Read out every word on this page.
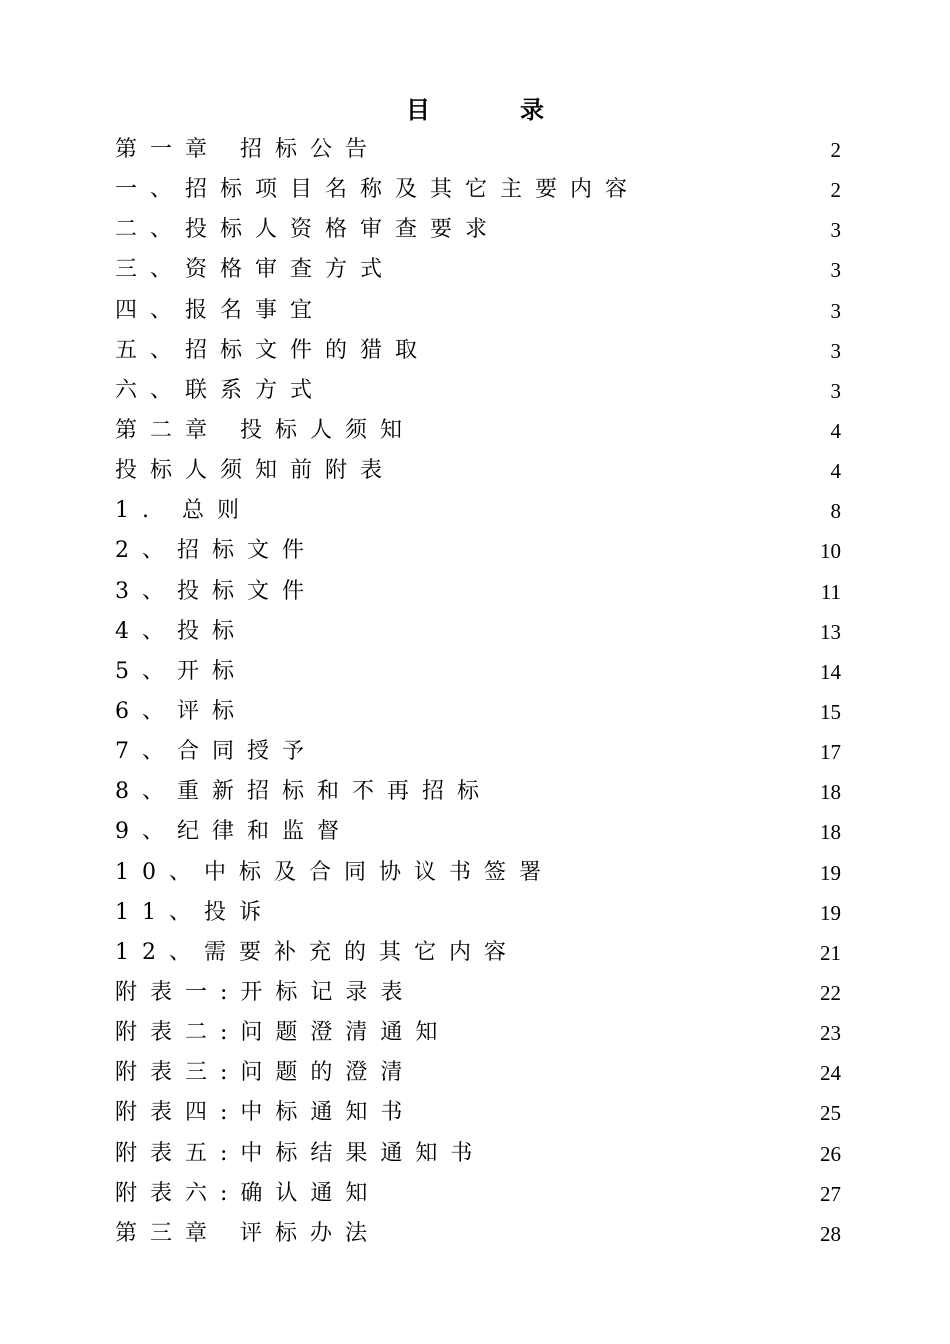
目录
第一章 招标公告	2
一、招标项目名称及其它主要内容	2
二、投标人资格审查要求	3
三、资格审查方式	3
四、报名事宜	3
五、招标文件的猎取	3
六、联系方式	3
第二章 投标人须知	4
投标人须知前附表	4
1. 总则	8
2、招标文件	10
3、投标文件	11
4、投标	13
5、开标	14
6、评标	15
7、合同授予	17
8、重新招标和不再招标	18
9、纪律和监督	18
10、中标及合同协议书签署	19
11、投诉	19
12、需要补充的其它内容	21
附表一:开标记录表	22
附表二:问题澄清通知	23
附表三:问题的澄清	24
附表四:中标通知书	25
附表五:中标结果通知书	26
附表六:确认通知	27
第三章 评标办法	28
